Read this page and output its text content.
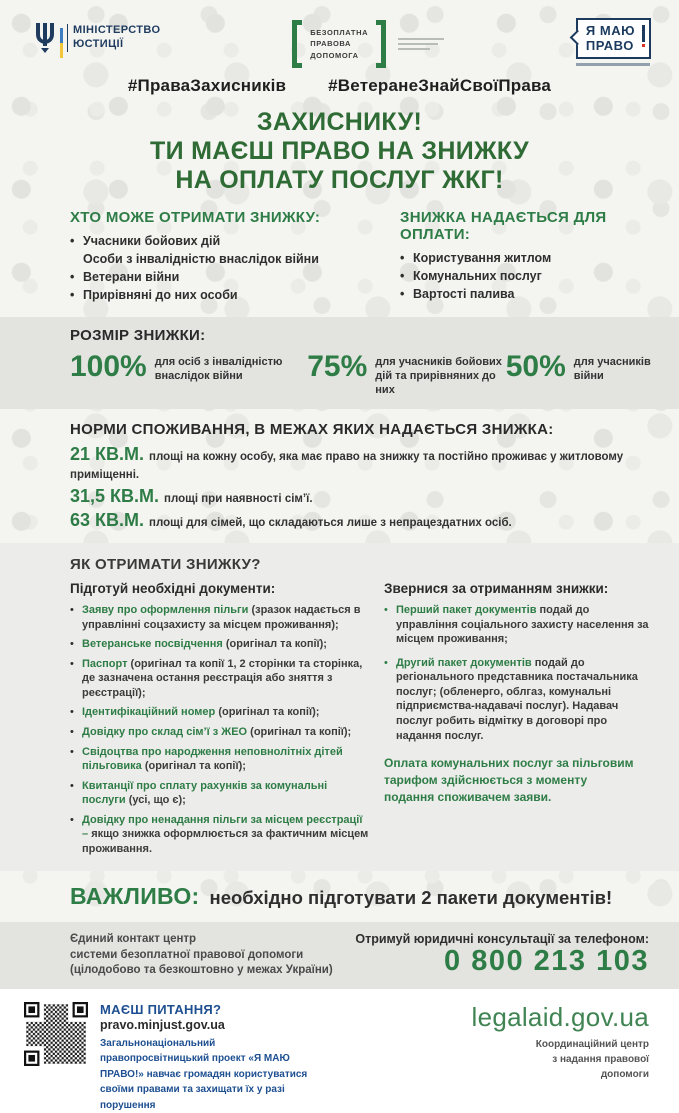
МІНІСТЕРСТВО
ЮСТИЦІЇ
БЕЗОПЛАТНА
ПРАВОВА
ДОПОМОГА
Я МАЮ
ПРАВО
#ПраваЗахисників #ВетеранеЗнайСвоїПрава
ЗАХИСНИКУ!
ТИ МАЄШ ПРАВО НА ЗНИЖКУ
НА ОПЛАТУ ПОСЛУГ ЖКГ!
ХТО МОЖЕ ОТРИМАТИ ЗНИЖКУ:
• Учасники бойових дій
Особи з інвалідністю внаслідок війни
• Ветерани війни
• Прирівняні до них особи
ЗНИЖКА НАДАЄТЬСЯ ДЛЯ ОПЛАТИ:
• Користування житлом
• Комунальних послуг
• Вартості палива
РОЗМІР ЗНИЖКИ:
100% для осіб з інвалідністю внаслідок війни	75% для учасників бойових дій та прирівняних до них
50% для учасників війни
НОРМИ СПОЖИВАННЯ, В МЕЖАХ ЯКИХ НАДАЄТЬСЯ ЗНИЖКА:
21 КВ.М. площі на кожну особу, яка має право на знижку та постійно проживає у житловому приміщенні.
31,5 КВ.М. площі при наявності сім’ї.
63 КВ.М. площі для сімей, що складаються лише з непрацездатних осіб.
ЯК ОТРИМАТИ ЗНИЖКУ?
Підготуй необхідні документи:
• Заяву про оформлення пільги (зразок надається в управлінні соцзахисту за місцем проживання);
• Ветеранське посвідчення (оригінал та копії);
• Паспорт (оригінал та копії 1, 2 сторінки та сторінка, де зазначена остання реєстрація або зняття з реєстрації);
• Ідентифікаційний номер (оригінал та копії);
• Довідку про склад сім’ї з ЖЕО (оригінал та копії);
• Свідоцтва про народження неповнолітніх дітей пільговика (оригінал та копії);
• Квитанції про сплату рахунків за комунальні послуги (усі, що є);
• Довідку про ненадання пільги за місцем реєстрації – якщо знижка оформлюється за фактичним місцем проживання.
Звернися за отриманням знижки:
• Перший пакет документів подай до управління соціального захисту населення за місцем проживання;
• Другий пакет документів подай до регіонального представника постачальника послуг; (обленерго, облгаз, комунальні підприємства-надавачі послуг). Надавач послуг робить відмітку в договорі про надання послуг.
Оплата комунальних послуг за пільговим тарифом здійснюється з моменту подання споживачем заяви.
ВАЖЛИВО: необхідно підготувати 2 пакети документів!
Єдиний контакт центр
системи безоплатної правової допомоги
(цілодобово та безкоштовно у межах України)
Отримуй юридичні консультації за телефоном:
0 800 213 103
МАЄШ ПИТАННЯ?
pravo.minjust.gov.ua
Загальнонаціональний правопросвітницький проект «Я МАЮ ПРАВО!» навчає громадян користуватися своїми правами та захищати їх у разі порушення
legalaid.gov.ua
Координаційний центр
з надання правової
допомоги
